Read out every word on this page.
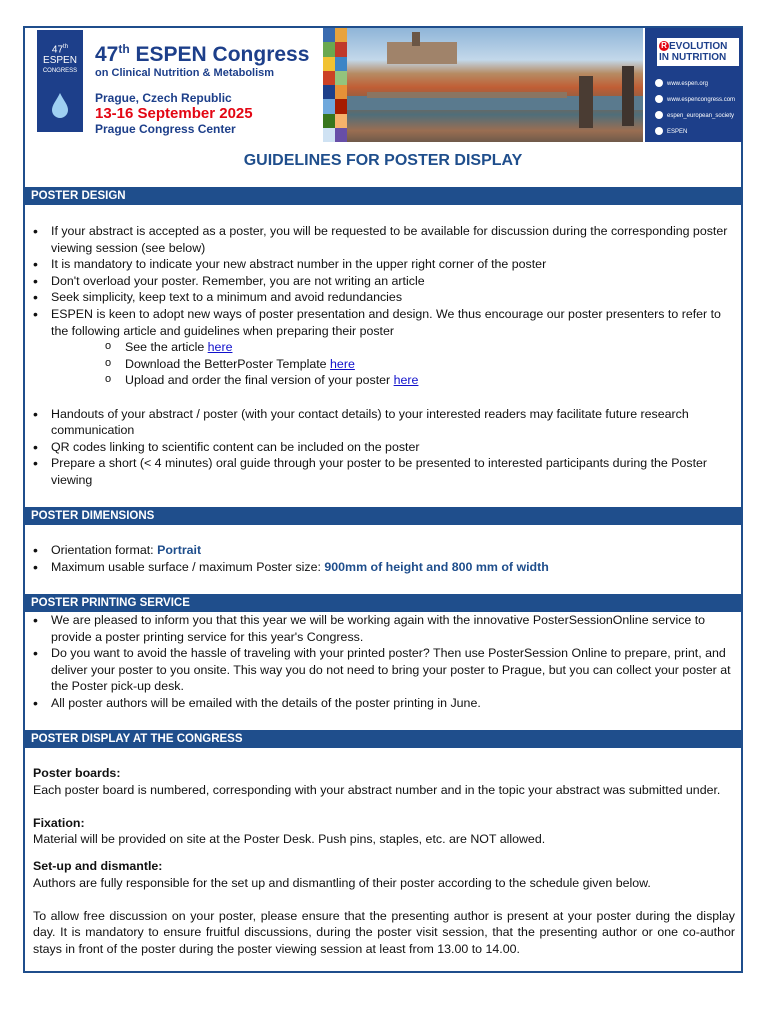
47th
ESPEN
CONGRESS
47th ESPEN Congress
on Clinical Nutrition & Metabolism
Prague, Czech Republic
13-16 September 2025
Prague Congress Center
R EVOLUTION
IN NUTRITION
www.espen.org
www.espencongress.com
espen_european_society
ESPEN
GUIDELINES FOR POSTER DISPLAY
POSTER DESIGN
• If your abstract is accepted as a poster, you will be requested to be available for discussion during the corresponding poster viewing session (see below)
• It is mandatory to indicate your new abstract number in the upper right corner of the poster
• Don't overload your poster. Remember, you are not writing an article
• Seek simplicity, keep text to a minimum and avoid redundancies
• ESPEN is keen to adopt new ways of poster presentation and design. We thus encourage our poster presenters to refer to the following article and guidelines when preparing their poster
o See the article here
o Download the BetterPoster Template here
o Upload and order the final version of your poster here
• Handouts of your abstract / poster (with your contact details) to your interested readers may facilitate future research communication
• QR codes linking to scientific content can be included on the poster
• Prepare a short (< 4 minutes) oral guide through your poster to be presented to interested participants during the Poster viewing
POSTER DIMENSIONS
• Orientation format: Portrait
• Maximum usable surface / maximum Poster size: 900mm of height and 800 mm of width
POSTER PRINTING SERVICE
• We are pleased to inform you that this year we will be working again with the innovative PosterSessionOnline service to provide a poster printing service for this year's Congress.
• Do you want to avoid the hassle of traveling with your printed poster? Then use PosterSession Online to prepare, print, and deliver your poster to you onsite. This way you do not need to bring your poster to Prague, but you can collect your poster at the Poster pick-up desk.
• All poster authors will be emailed with the details of the poster printing in June.
POSTER DISPLAY AT THE CONGRESS
Poster boards:
Each poster board is numbered, corresponding with your abstract number and in the topic your abstract was submitted under.
Fixation:
Material will be provided on site at the Poster Desk. Push pins, staples, etc. are NOT allowed.
Set-up and dismantle:
Authors are fully responsible for the set up and dismantling of their poster according to the schedule given below.
To allow free discussion on your poster, please ensure that the presenting author is present at your poster during the display day. It is mandatory to ensure fruitful discussions, during the poster visit session, that the presenting author or one co-author stays in front of the poster during the poster viewing session at least from 13.00 to 14.00.
